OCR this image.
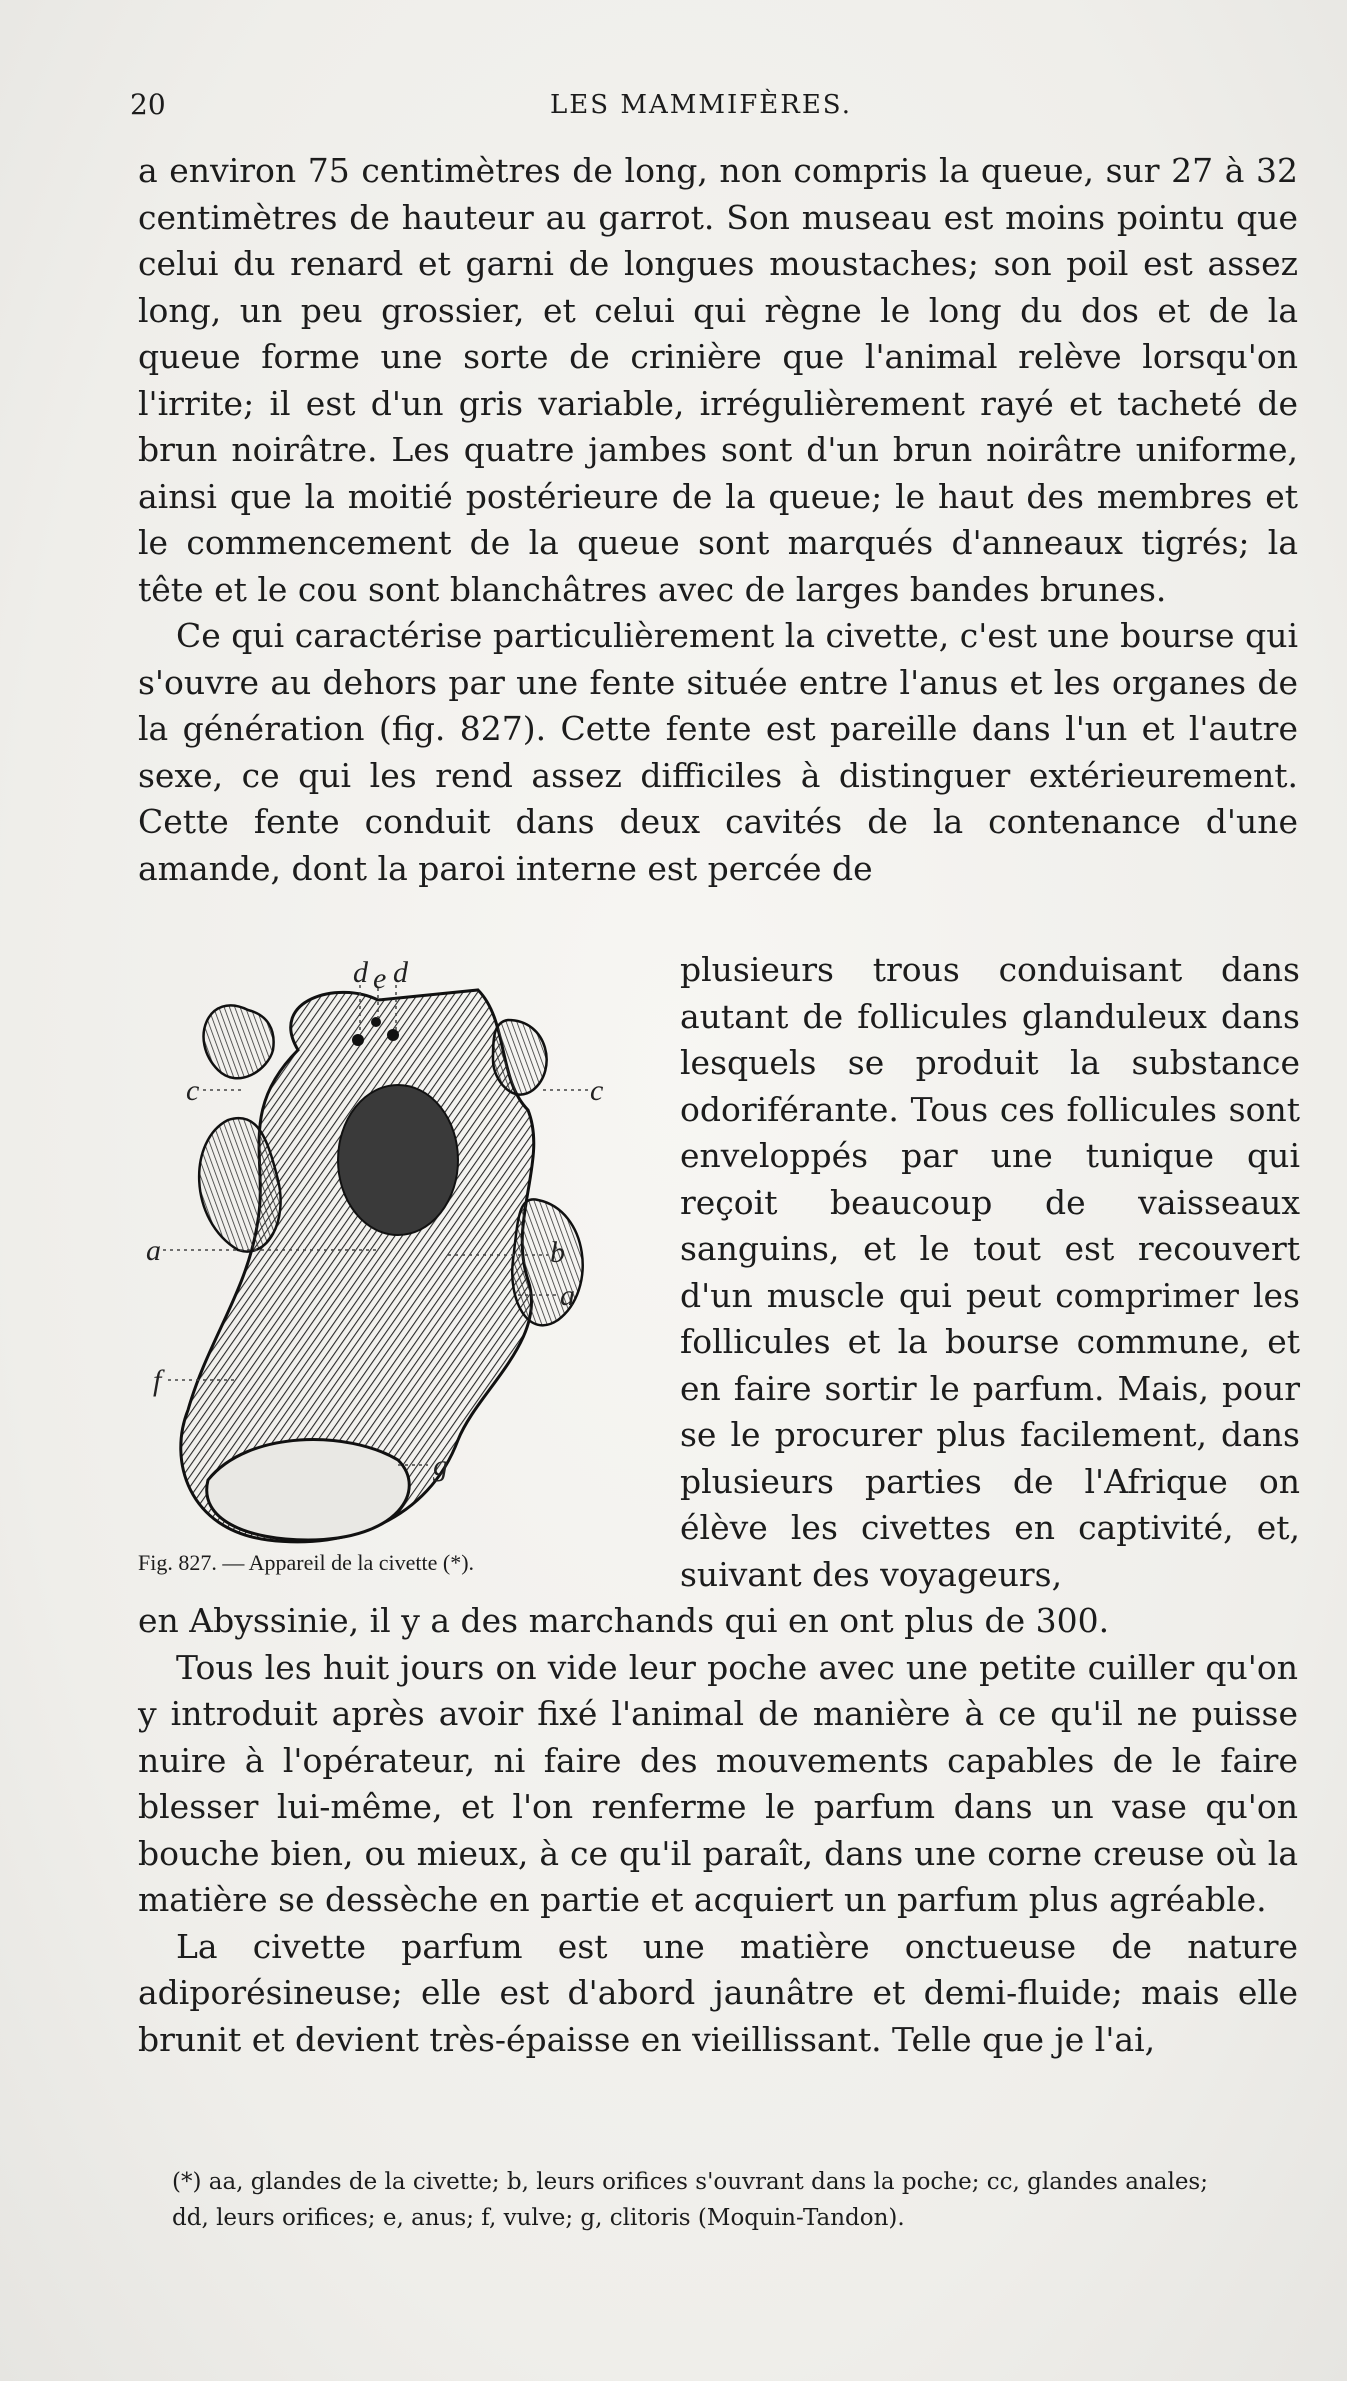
20	LES MAMMIFÈRES.

a environ 75 centimètres de long, non compris la queue, sur 27 à 32 centimètres de hauteur au garrot. Son museau est moins pointu que celui du renard et garni de longues moustaches; son poil est assez long, un peu grossier, et celui qui règne le long du dos et de la queue forme une sorte de crinière que l'animal relève lorsqu'on l'irrite; il est d'un gris variable, irrégulièrement rayé et tacheté de brun noirâtre. Les quatre jambes sont d'un brun noirâtre uniforme, ainsi que la moitié postérieure de la queue; le haut des membres et le commencement de la queue sont marqués d'anneaux tigrés; la tête et le cou sont blanchâtres avec de larges bandes brunes.

Ce qui caractérise particulièrement la civette, c'est une bourse qui s'ouvre au dehors par une fente située entre l'anus et les organes de la génération (fig. 827). Cette fente est pareille dans l'un et l'autre sexe, ce qui les rend assez difficiles à distinguer extérieurement. Cette fente conduit dans deux cavités de la contenance d'une amande, dont la paroi interne est percée de

plusieurs trous conduisant dans autant de follicules glanduleux dans lesquels se produit la substance odoriférante. Tous ces follicules sont enveloppés par une tunique qui reçoit beaucoup de vaisseaux sanguins, et le tout est recouvert d'un muscle qui peut comprimer les follicules et la bourse commune, et en faire sortir le parfum. Mais, pour se le procurer plus facilement, dans plusieurs parties de l'Afrique on élève les civettes en captivité, et, suivant des voyageurs,
d e d
c	c
a	b
a
f
g
Fig. 827. — Appareil de la civette (*).

en Abyssinie, il y a des marchands qui en ont plus de 300.

Tous les huit jours on vide leur poche avec une petite cuiller qu'on y introduit après avoir fixé l'animal de manière à ce qu'il ne puisse nuire à l'opérateur, ni faire des mouvements capables de le faire blesser lui-même, et l'on renferme le parfum dans un vase qu'on bouche bien, ou mieux, à ce qu'il paraît, dans une corne creuse où la matière se dessèche en partie et acquiert un parfum plus agréable.

La civette parfum est une matière onctueuse de nature adiporésineuse; elle est d'abord jaunâtre et demi-fluide; mais elle brunit et devient très-épaisse en vieillissant. Telle que je l'ai,

(*) aa, glandes de la civette; b, leurs orifices s'ouvrant dans la poche; cc, glandes anales;

dd, leurs orifices; e, anus; f, vulve; g, clitoris (Moquin-Tandon).
